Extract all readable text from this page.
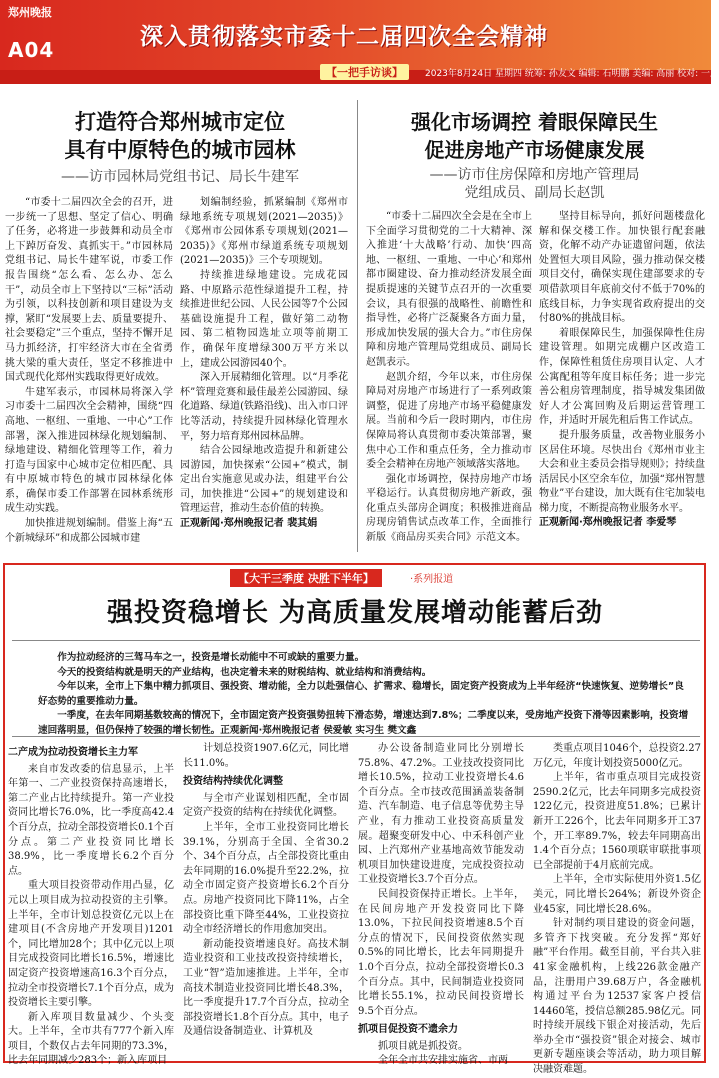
郑州晚报
A04	深入贯彻落实市委十二届四次全会精神
【一把手访谈】	2023年8月24日 星期四 统筹: 孙友文 编辑: 石明鹏 美编: 高丽 校对: 一广
打造符合郑州城市定位
具有中原特色的城市园林
——访市园林局党组书记、局长牛建军

“市委十二届四次全会的召开，进一步统一了思想、坚定了信心、明确了任务，必将进一步鼓舞和动员全市上下踔厉奋发、真抓实干。”市园林局党组书记、局长牛建军说，市委工作报告围绕“怎么看、怎么办、怎么干”，动员全市上下坚持以“三标”活动为引领，以科技创新和项目建设为支撑，紧盯“发展要上去、质量要提升、社会要稳定”三个重点，坚持不懈开足马力抓经济，打牢经济大市在全省勇挑大梁的重大责任，坚定不移推进中国式现代化郑州实践取得更好成效。

牛建军表示，市园林局将深入学习市委十二届四次全会精神，围绕“四高地、一枢纽、一重地、一中心”工作部署，深入推进园林绿化规划编制、绿地建设、精细化管理等工作，着力打造与国家中心城市定位相匹配、具有中原城市特色的城市园林绿化体系，确保市委工作部署在园林系统形成生动实践。

加快推进规划编制。借鉴上海“五个新城绿环”和成都公园城市建

划编制经验，抓紧编制《郑州市绿地系统专项规划(2021—2035)》《郑州市公园体系专项规划(2021—2035)》《郑州市绿道系统专项规划(2021—2035)》三个专项规划。

持续推进绿地建设。完成花园路、中原路示范性绿道提升工程，持续推进世纪公园、人民公园等7个公园基础设施提升工程，做好第二动物园、第二植物园选址立项等前期工作，确保年度增绿300万平方米以上，建成公园游园40个。

深入开展精细化管理。以“月季花杯”管理竞赛和最佳最差公园游园、绿化道路、绿道(铁路沿线)、出入市口评比等活动，持续提升园林绿化管理水平，努力培育郑州园林品牌。

结合公园绿地改造提升和新建公园游园，加快探索“公园+”模式，制定出台实施意见或办法，组建平台公司，加快推进“公园+”的规划建设和管理运营，推动生态价值的转换。

正观新闻·郑州晚报记者 裴其娟

强化市场调控 着眼保障民生
促进房地产市场健康发展
——访市住房保障和房地产管理局
党组成员、副局长赵凯

“市委十二届四次全会是在全市上下全面学习贯彻党的二十大精神、深入推进‘十大战略’行动、加快‘四高地、一枢纽、一重地、一中心’和郑州都市圈建设、奋力推动经济发展全面提质提速的关键节点召开的一次重要会议，具有很强的战略性、前瞻性和指导性，必将广泛凝聚各方面力量，形成加快发展的强大合力。”市住房保障和房地产管理局党组成员、副局长赵凯表示。

赵凯介绍，今年以来，市住房保障局对房地产市场进行了一系列政策调整，促进了房地产市场平稳健康发展。当前和今后一段时期内，市住房保障局将认真贯彻市委决策部署，聚焦中心工作和重点任务，全力推动市委全会精神在房地产领域落实落地。

强化市场调控，保持房地产市场平稳运行。认真贯彻房地产新政，强化重点头部房企调度；积极推进商品房现房销售试点改革工作，全面推行新版《商品房买卖合同》示范文本。

坚持目标导向，抓好问题楼盘化解和保交楼工作。加快银行配套融资，化解不动产办证遗留问题，依法处置恒大项目风险，强力推动保交楼项目交付，确保实现住建部要求的专项借款项目年底前交付不低于70%的底线目标，力争实现省政府提出的交付80%的挑战目标。

着眼保障民生，加强保障性住房建设管理。如期完成棚户区改造工作，保障性租赁住房项目认定、人才公寓配租等年度目标任务；进一步完善公租房管理制度，指导城发集团做好人才公寓回购及后期运营管理工作，并适时开展先租后售工作试点。

提升服务质量，改善物业服务小区居住环境。尽快出台《郑州市业主大会和业主委员会指导规则》；持续盘活居民小区空余车位，加强“郑州智慧物业”平台建设，加大既有住宅加装电梯力度，不断提高物业服务水平。

正观新闻·郑州晚报记者 李爱琴

【大干三季度 决胜下半年】	·系列报道
强投资稳增长 为高质量发展增动能蓄后劲

作为拉动经济的三驾马车之一，投资是增长动能中不可或缺的重要力量。

今天的投资结构就是明天的产业结构，也决定着未来的财税结构、就业结构和消费结构。

今年以来，全市上下集中精力抓项目、强投资、增动能，全力以赴强信心、扩需求、稳增长，固定资产投资成为上半年经济“快速恢复、逆势增长”良好态势的重要推动力量。

一季度，在去年同期基数较高的情况下，全市固定资产投资强势扭转下滑态势，增速达到7.8%；二季度以来，受房地产投资下滑等因素影响，投资增速回落明显，但仍保持了较强的增长韧性。正观新闻·郑州晚报记者 侯爱敏 实习生 樊文鑫

二产成为拉动投资增长主力军

来自市发改委的信息显示，上半年第一、二产业投资保持高速增长，第二产业占比持续提升。第一产业投资同比增长76.0%，比一季度高42.4个百分点，拉动全部投资增长0.1个百分点。第二产业投资同比增长38.9%，比一季度增长6.2个百分点。

重大项目投资带动作用凸显，亿元以上项目成为拉动投资的主引擎。上半年，全市计划总投资亿元以上在建项目(不含房地产开发项目)1201个，同比增加28个；其中亿元以上项目完成投资同比增长16.5%，增速比固定资产投资增速高16.3个百分点，拉动全市投资增长7.1个百分点，成为投资增长主要引擎。

新入库项目数量减少、个头变大。上半年，全市共有777个新入库项目，个数仅占去年同期的73.3%，比去年同期减少283个；新入库项目

计划总投资1907.6亿元，同比增长11.0%。

投资结构持续优化调整

与全市产业谋划相匹配，全市固定资产投资的结构在持续优化调整。

上半年，全市工业投资同比增长39.1%，分别高于全国、全省30.2个、34个百分点，占全部投资比重由去年同期的16.0%提升至22.2%，拉动全市固定资产投资增长6.2个百分点。房地产投资同比下降11%，占全部投资比重下降至44%，工业投资拉动全市经济增长的作用愈加突出。

新动能投资增速良好。高技术制造业投资和工业技改投资持续增长，工业“智”造加速推进。上半年，全市高技术制造业投资同比增长48.3%，比一季度提升17.7个百分点，拉动全部投资增长1.8个百分点。其中，电子及通信设备制造业、计算机及

办公设备制造业同比分别增长75.8%、47.2%。工业技改投资同比增长10.5%，拉动工业投资增长4.6个百分点。全市技改范围涵盖装备制造、汽车制造、电子信息等优势主导产业，有力推动工业投资高质量发展。超聚变研发中心、中禾科创产业园、上汽郑州产业基地高效节能发动机项目加快建设进度，完成投资拉动工业投资增长3.7个百分点。

民间投资保持正增长。上半年，在民间房地产开发投资同比下降13.0%，下拉民间投资增速8.5个百分点的情况下，民间投资依然实现0.5%的同比增长，比去年同期提升1.0个百分点，拉动全部投资增长0.3个百分点。其中，民间制造业投资同比增长55.1%，拉动民间投资增长9.5个百分点。

抓项目促投资不遗余力

抓项目就是抓投资。

全年全市共安排实施省、市两

类重点项目1046个，总投资2.27万亿元，年度计划投资5000亿元。

上半年，省市重点项目完成投资2590.2亿元，比去年同期多完成投资122亿元，投资进度51.8%；已累计新开工226个，比去年同期多开工37个，开工率89.7%，较去年同期高出1.4个百分点；1560项联审联批事项已全部提前于4月底前完成。

上半年，全市实际使用外资1.5亿美元，同比增长264%；新设外资企业45家，同比增长28.6%。

针对制约项目建设的资金问题，多管齐下找突破。充分发挥“郑好融”平台作用。截至目前，平台共入驻41家金融机构，上线226款金融产品，注册用户39.68万户，各金融机构通过平台为12537家客户授信14460笔，授信总额285.98亿元。同时持续开展线下银企对接活动，先后举办全市“强投资”银企对接会、城市更新专题座谈会等活动，助力项目解决融资难题。
